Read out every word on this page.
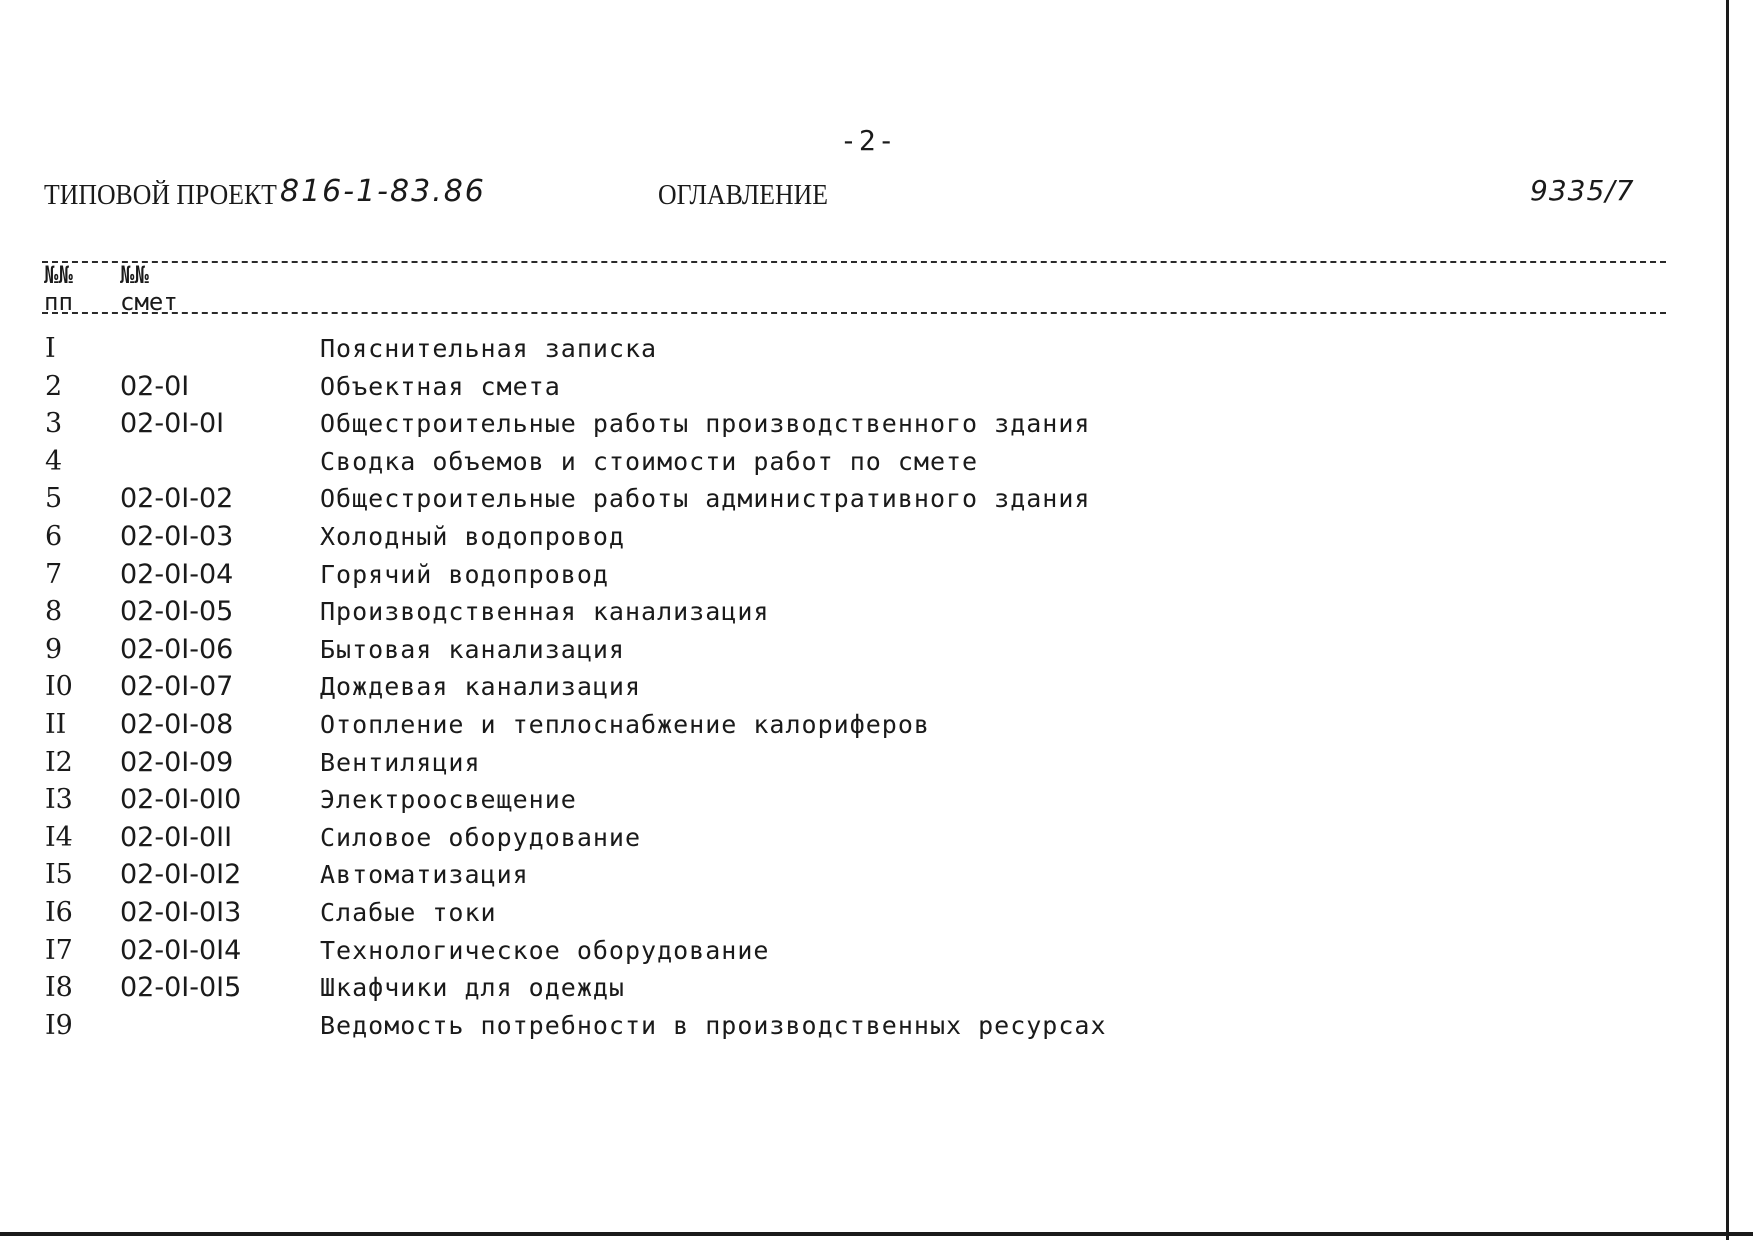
-2-
ТИПОВОЙ ПРОЕКТ 816-1-83.86	ОГЛАВЛЕНИЕ	9335/7
№№
пп
№№
смет
I	Пояснительная записка
2 02-0I	Объектная смета
3 02-0I-0I	Общестроительные работы производственного здания
4	Сводка объемов и стоимости работ по смете
5 02-0I-02	Общестроительные работы административного здания
6 02-0I-03	Холодный водопровод
7 02-0I-04	Горячий водопровод
8 02-0I-05	Производственная канализация
9 02-0I-06	Бытовая канализация
I0 02-0I-07	Дождевая канализация
II 02-0I-08	Отопление и теплоснабжение калориферов
I2 02-0I-09	Вентиляция
I3 02-0I-0I0	Электроосвещение
I4 02-0I-0II	Силовое оборудование
I5 02-0I-0I2	Автоматизация
I6 02-0I-0I3	Слабые токи
I7 02-0I-0I4	Технологическое оборудование
I8 02-0I-0I5	Шкафчики для одежды
I9	Ведомость потребности в производственных ресурсах
